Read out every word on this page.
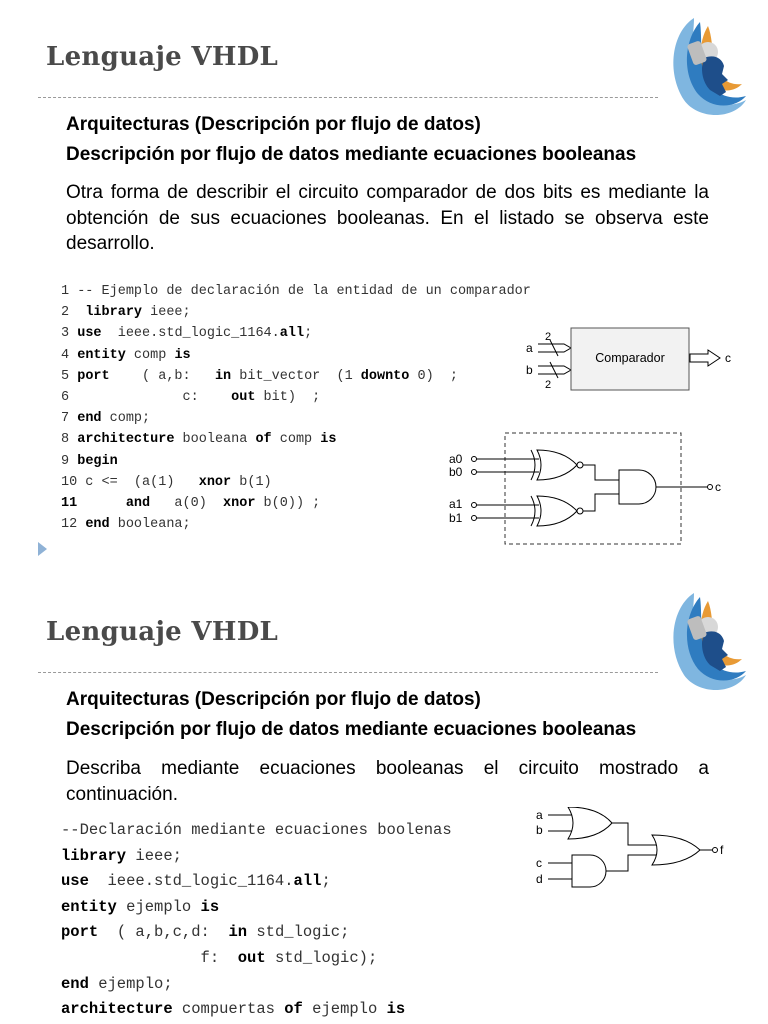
Lenguaje VHDL
Arquitecturas (Descripción por flujo de datos)
Descripción por flujo de datos mediante ecuaciones booleanas
Otra forma de describir el circuito comparador de dos bits es mediante la obtención de sus ecuaciones booleanas. En el listado se observa este desarrollo.
1 -- Ejemplo de declaración de la entidad de un comparador
2 library ieee;
3 use  ieee.std_logic_1164.all;
4 entity comp is
5 port    ( a,b:   in bit_vector  (1 downto 0)  ;
6              c:    out bit)  ;
7 end comp;
8 architecture booleana of comp is
9 begin
10 c <=  (a(1)   xnor b(1)
11	and   a(0)  xnor b(0)) ;
12 end booleana;
a
b
2
2
Comparador	c
a0
b0
a1
b1
c
Lenguaje VHDL
Arquitecturas (Descripción por flujo de datos)
Descripción por flujo de datos mediante ecuaciones booleanas
Describa mediante ecuaciones booleanas el circuito mostrado a continuación.
--Declaración mediante ecuaciones boolenas
library ieee;
use  ieee.std_logic_1164.all;
entity ejemplo is
port  ( a,b,c,d:  in std_logic;
f:  out std_logic);
end ejemplo;
architecture compuertas of ejemplo is
a
b
c
d
f
